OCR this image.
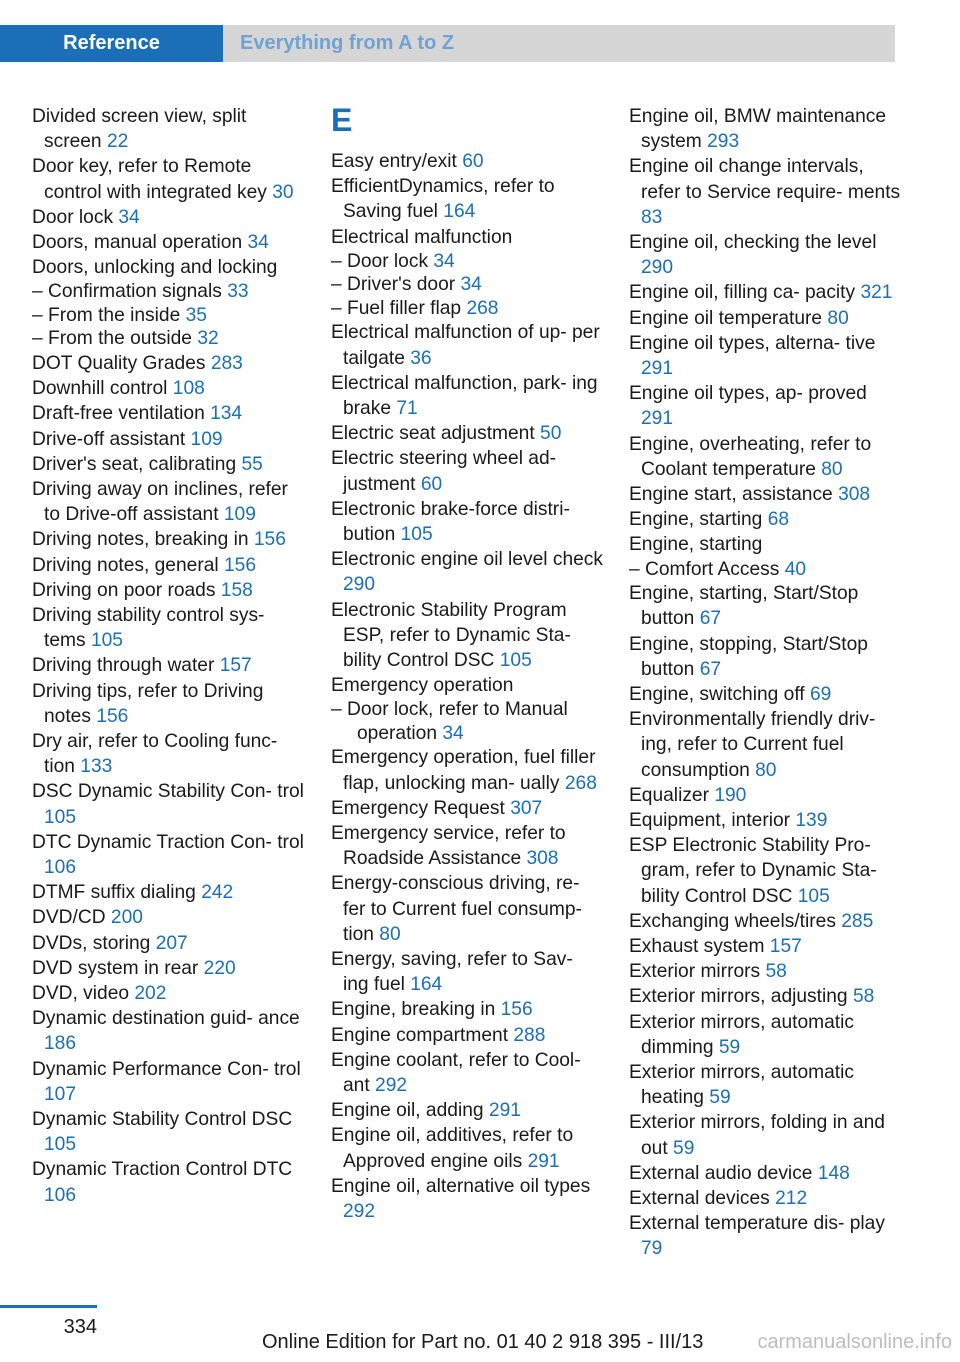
Reference	Everything from A to Z
Divided screen view, split screen 22
Door key, refer to Remote control with integrated key 30
Door lock 34
Doors, manual operation 34
Doors, unlocking and locking
– Confirmation signals 33
– From the inside 35
– From the outside 32
DOT Quality Grades 283
Downhill control 108
Draft-free ventilation 134
Drive-off assistant 109
Driver's seat, calibrating 55
Driving away on inclines, refer to Drive-off assistant 109
Driving notes, breaking in 156
Driving notes, general 156
Driving on poor roads 158
Driving stability control sys‐ tems 105
Driving through water 157
Driving tips, refer to Driving notes 156
Dry air, refer to Cooling func‐ tion 133
DSC Dynamic Stability Con‐ trol 105
DTC Dynamic Traction Con‐ trol 106
DTMF suffix dialing 242
DVD/CD 200
DVDs, storing 207
DVD system in rear 220
DVD, video 202
Dynamic destination guid‐ ance 186
Dynamic Performance Con‐ trol 107
Dynamic Stability Control DSC 105
Dynamic Traction Control DTC 106
E
Easy entry/exit 60
EfficientDynamics, refer to Saving fuel 164
Electrical malfunction
– Door lock 34
– Driver's door 34
– Fuel filler flap 268
Electrical malfunction of up‐ per tailgate 36
Electrical malfunction, park‐ ing brake 71
Electric seat adjustment 50
Electric steering wheel ad‐ justment 60
Electronic brake-force distri‐ bution 105
Electronic engine oil level check 290
Electronic Stability Program ESP, refer to Dynamic Sta‐ bility Control DSC 105
Emergency operation
– Door lock, refer to Manual operation 34
Emergency operation, fuel filler flap, unlocking man‐ ually 268
Emergency Request 307
Emergency service, refer to Roadside Assistance 308
Energy-conscious driving, re‐ fer to Current fuel consump‐ tion 80
Energy, saving, refer to Sav‐ ing fuel 164
Engine, breaking in 156
Engine compartment 288
Engine coolant, refer to Cool‐ ant 292
Engine oil, adding 291
Engine oil, additives, refer to Approved engine oils 291
Engine oil, alternative oil types 292
Engine oil, BMW maintenance system 293
Engine oil change intervals, refer to Service require‐ ments 83
Engine oil, checking the level 290
Engine oil, filling ca‐ pacity 321
Engine oil temperature 80
Engine oil types, alterna‐ tive 291
Engine oil types, ap‐ proved 291
Engine, overheating, refer to Coolant temperature 80
Engine start, assistance 308
Engine, starting 68
Engine, starting
– Comfort Access 40
Engine, starting, Start/Stop button 67
Engine, stopping, Start/Stop button 67
Engine, switching off 69
Environmentally friendly driv‐ ing, refer to Current fuel consumption 80
Equalizer 190
Equipment, interior 139
ESP Electronic Stability Pro‐ gram, refer to Dynamic Sta‐ bility Control DSC 105
Exchanging wheels/tires 285
Exhaust system 157
Exterior mirrors 58
Exterior mirrors, adjusting 58
Exterior mirrors, automatic dimming 59
Exterior mirrors, automatic heating 59
Exterior mirrors, folding in and out 59
External audio device 148
External devices 212
External temperature dis‐ play 79
334
Online Edition for Part no. 01 40 2 918 395 - III/13	carmanualsonline.info
